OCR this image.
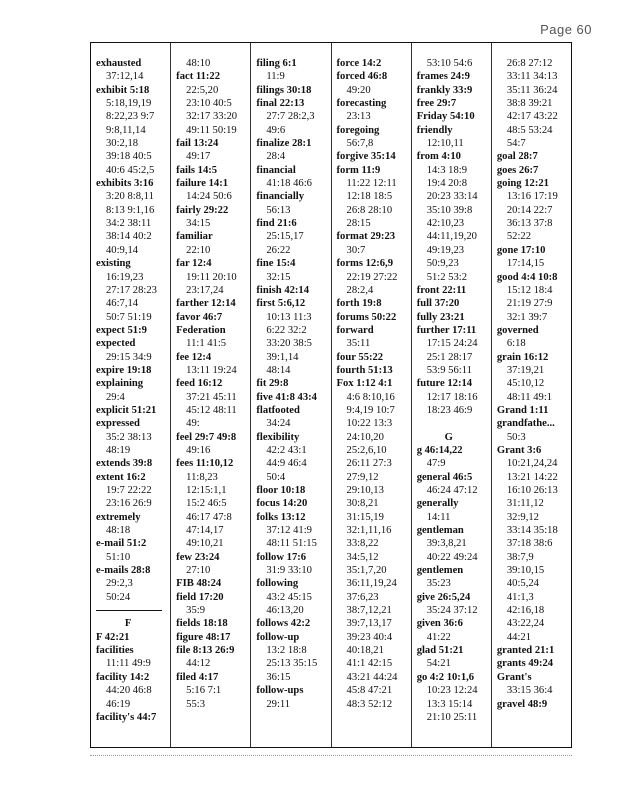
Page 60
exhausted
37:12,14
exhibit 5:18
5:18,19,19
8:22,23 9:7
9:8,11,14
30:2,18
39:18 40:5
40:6 45:2,5
exhibits 3:16
3:20 8:8,11
8:13 9:1,16
34:2 38:11
38:14 40:2
40:9,14
existing
16:19,23
27:17 28:23
46:7,14
50:7 51:19
expect 51:9
expected
29:15 34:9
expire 19:18
explaining
29:4
explicit 51:21
expressed
35:2 38:13
48:19
extends 39:8
extent 16:2
19:7 22:22
23:16 26:9
extremely
48:18
e-mail 51:2
51:10
e-mails 28:8
29:2,3
50:24
F
F 42:21
facilities
11:11 49:9
facility 14:2
44:20 46:8
46:19
facility's 44:7
48:10
fact 11:22
22:5,20
23:10 40:5
32:17 33:20
49:11 50:19
fail 13:24
49:17
fails 14:5
failure 14:1
14:24 50:6
fairly 29:22
34:15
familiar
22:10
far 12:4
19:11 20:10
23:17,24
farther 12:14
favor 46:7
Federation
11:1 41:5
fee 12:4
13:11 19:24
feed 16:12
37:21 45:11
45:12 48:11
49:
feel 29:7 49:8
49:16
fees 11:10,12
11:8,23
12:15:1,1
15:2 46:5
46:17 47:8
47:14,17
49:10,21
few 23:24
27:10
FIB 48:24
field 17:20
35:9
fields 18:18
figure 48:17
file 8:13 26:9
44:12
filed 4:17
5:16 7:1
55:3
filing 6:1
11:9
filings 30:18
final 22:13
27:7 28:2,3
49:6
finalize 28:1
28:4
financial
41:18 46:6
financially
56:13
find 21:6
25:15,17
26:22
fine 15:4
32:15
finish 42:14
first 5:6,12
10:13 11:3
6:22 32:2
33:20 38:5
39:1,14
48:14
fit 29:8
five 41:8 43:4
flatfooted
34:24
flexibility
42:2 43:1
44:9 46:4
50:4
floor 10:18
focus 14:20
folks 13:12
37:12 41:9
48:11 51:15
follow 17:6
31:9 33:10
following
43:2 45:15
46:13,20
follows 42:2
follow-up
13:2 18:8
25:13 35:15
36:15
follow-ups
29:11
force 14:2
forced 46:8
49:20
forecasting
23:13
foregoing
56:7,8
forgive 35:14
form 11:9
11:22 12:11
12:18 18:5
26:8 28:10
28:15
format 29:23
30:7
forms 12:6,9
22:19 27:22
28:2,4
forth 19:8
forums 50:22
forward
35:11
four 55:22
fourth 51:13
Fox 1:12 4:1
4:6 8:10,16
9:4,19 10:7
10:22 13:3
24:10,20
25:2,6,10
26:11 27:3
27:9,12
29:10,13
30:8,21
31:15,19
32:1,11,16
33:8,22
34:5,12
35:1,7,20
36:11,19,24
37:6,23
38:7,12,21
39:7,13,17
39:23 40:4
40:18,21
41:1 42:15
43:21 44:24
45:8 47:21
48:3 52:12
53:10 54:6
frames 24:9
frankly 33:9
free 29:7
Friday 54:10
friendly
12:10,11
from 4:10
14:3 18:9
19:4 20:8
20:23 33:14
35:10 39:8
42:10,23
44:11,19,20
49:19,23
50:9,23
51:2 53:2
front 22:11
full 37:20
fully 23:21
further 17:11
17:15 24:24
25:1 28:17
53:9 56:11
future 12:14
12:17 18:16
18:23 46:9
G
g 46:14,22
47:9
general 46:5
46:24 47:12
generally
14:11
gentleman
39:3,8,21
40:22 49:24
gentlemen
35:23
give 26:5,24
35:24 37:12
given 36:6
41:22
glad 51:21
54:21
go 4:2 10:1,6
10:23 12:24
13:3 15:14
21:10 25:11
26:8 27:12
33:11 34:13
35:11 36:24
38:8 39:21
42:17 43:22
48:5 53:24
54:7
goal 28:7
goes 26:7
going 12:21
13:16 17:19
20:14 22:7
36:13 37:8
52:22
gone 17:10
17:14,15
good 4:4 10:8
15:12 18:4
21:19 27:9
32:1 39:7
governed
6:18
grain 16:12
37:19,21
45:10,12
48:11 49:1
Grand 1:11
grandfathe...
50:3
Grant 3:6
10:21,24,24
13:21 14:22
16:10 26:13
31:11,12
32:9,12
33:14 35:18
37:18 38:6
38:7,9
39:10,15
40:5,24
41:1,3
42:16,18
43:22,24
44:21
granted 21:1
grants 49:24
Grant's
33:15 36:4
gravel 48:9
